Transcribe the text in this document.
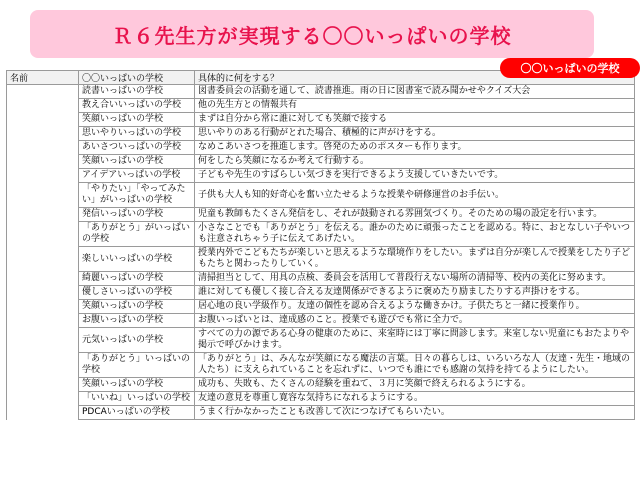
Ｒ６先生方が実現する〇〇いっぱいの学校
〇〇いっぱいの学校
名前	〇〇いっぱいの学校	具体的に何をする？
	読書いっぱいの学校	図書委員会の活動を通して、読書推進。雨の日に図書室で読み聞かせやクイズ大会
	教え合いいっぱいの学校	他の先生方との情報共有
	笑顔いっぱいの学校	まずは自分から常に誰に対しても笑顔で接する
	思いやりいっぱいの学校	思いやりのある行動がとれた場合、積極的に声がけをする。
	あいさついっぱいの学校	なめこあいさつを推進します。啓発のためのポスターも作ります。
	笑顔いっぱいの学校	何をしたら笑顔になるか考えて行動する。
	アイデアいっぱいの学校	子どもや先生のすばらしい気づきを実行できるよう支援していきたいです。
	「やりたい」「やってみたい」がいっぱいの学校	子供も大人も知的好奇心を奮い立たせるような授業や研修運営のお手伝い。
	発信いっぱいの学校	児童も教師もたくさん発信をし、それが鼓動される雰囲気づくり。そのための場の設定を行います。
	「ありがとう」がいっぱいの学校	小さなことでも「ありがとう」を伝える。誰かのために頑張ったことを認める。特に、おとなしい子やいつも注意されちゃう子に伝えてあげたい。
	楽しいいっぱいの学校	授業内外でこどもたちが楽しいと思えるような環境作りをしたい。まずは自分が楽しんで授業をしたり子どもたちと関わったりしていく。
	綺麗いっぱいの学校	清掃担当として、用具の点検、委員会を活用して普段行えない場所の清掃等、校内の美化に努めます。
	優しさいっぱいの学校	誰に対しても優しく接し合える友達関係ができるように褒めたり励ましたりする声掛けをする。
	笑顔いっぱいの学校	居心地の良い学級作り。友達の個性を認め合えるような働きかけ。子供たちと一緒に授業作り。
	お腹いっぱいの学校	お腹いっぱいとは、達成感のこと。授業でも遊びでも常に全力で。
	元気いっぱいの学校	すべての力の源である心身の健康のために、来室時には丁寧に問診します。来室しない児童にもおたよりや掲示で呼びかけます。
	「ありがとう」いっぱいの学校	「ありがとう」は、みんなが笑顔になる魔法の言葉。日々の暮らしは、いろいろな人（友達・先生・地域の人たち）に支えられていることを忘れずに、いつでも誰にでも感謝の気持を持てるようにしたい。
	笑顔いっぱいの学校	成功も、失敗も、たくさんの経験を重ねて、３月に笑顔で終えられるようにする。
	「いいね」いっぱいの学校	友達の意見を尊重し寛容な気持ちになれるようにする。
	PDCAいっぱいの学校	うまく行かなかったことも改善して次につなげてもらいたい。
